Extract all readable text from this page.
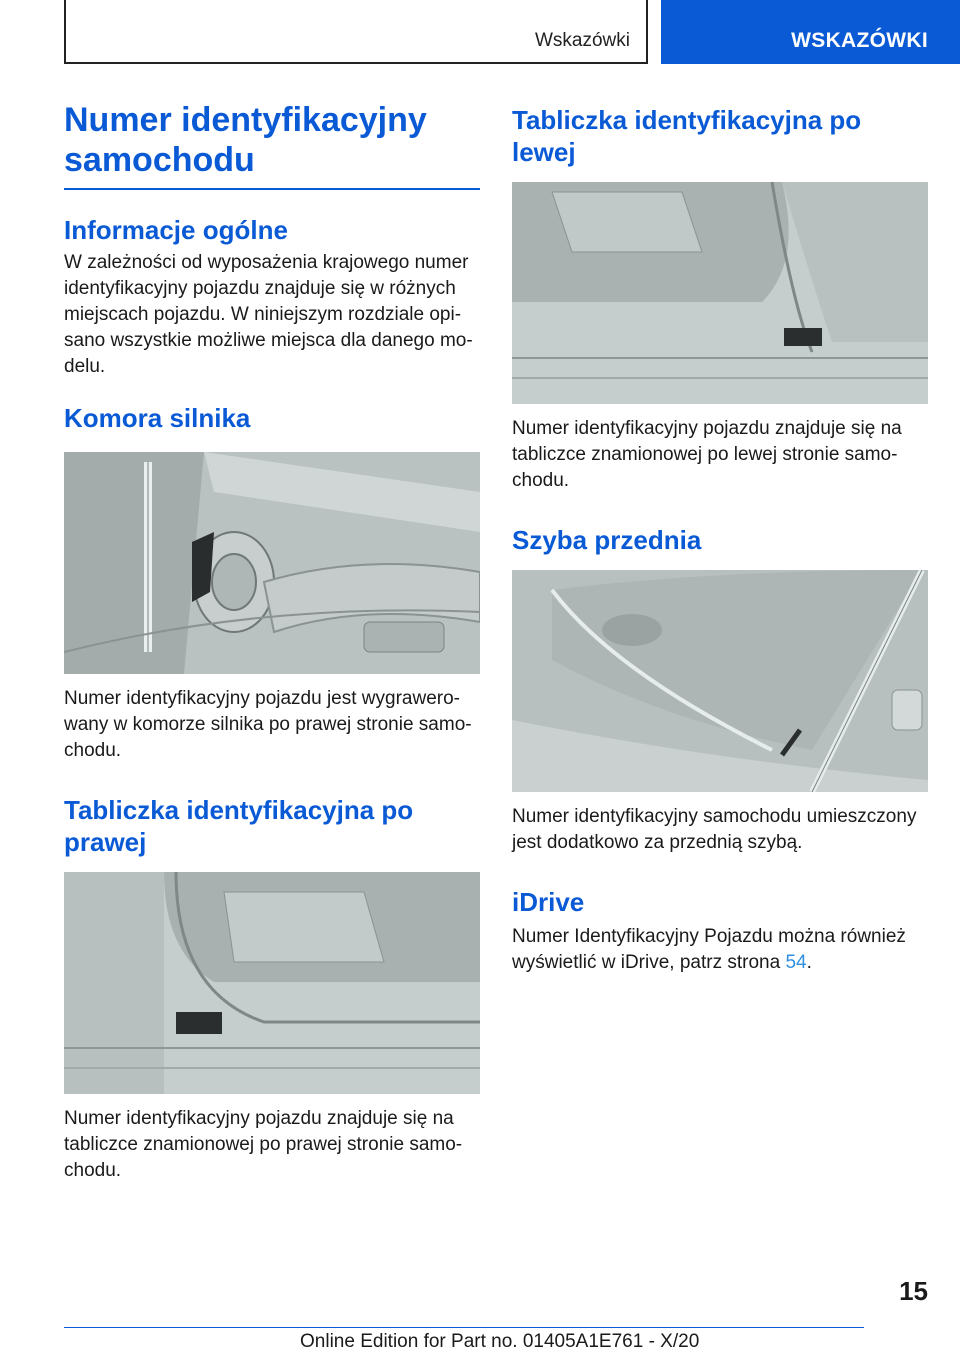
Wskazówki	WSKAZÓWKI
Numer identyfikacyjny samochodu
Informacje ogólne

W zależności od wyposażenia krajowego numer identyfikacyjny pojazdu znajduje się w różnych miejscach pojazdu. W niniejszym rozdziale opi-sano wszystkie możliwe miejsca dla danego mo-delu.

Komora silnika

Numer identyfikacyjny pojazdu jest wygrawero-wany w komorze silnika po prawej stronie samo-chodu.

Tabliczka identyfikacyjna po prawej

Numer identyfikacyjny pojazdu znajduje się na tabliczce znamionowej po prawej stronie samo-chodu.

Tabliczka identyfikacyjna po lewej

Numer identyfikacyjny pojazdu znajduje się na tabliczce znamionowej po lewej stronie samo-chodu.

Szyba przednia

Numer identyfikacyjny samochodu umieszczony jest dodatkowo za przednią szybą.

iDrive

Numer Identyfikacyjny Pojazdu można również wyświetlić w iDrive, patrz strona 54.

15
Online Edition for Part no. 01405A1E761 - X/20
